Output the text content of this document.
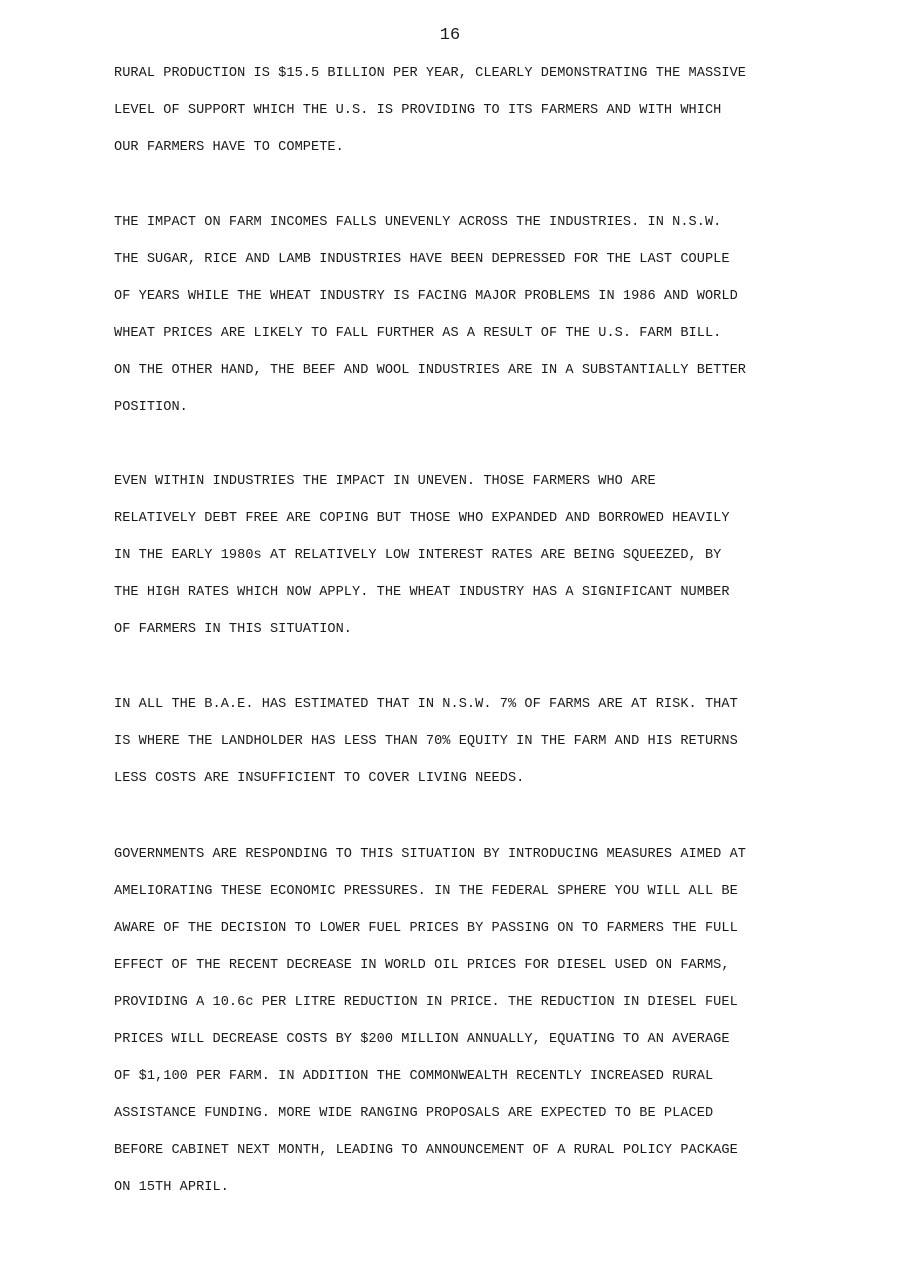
16

RURAL PRODUCTION IS $15.5 BILLION PER YEAR, CLEARLY DEMONSTRATING THE MASSIVE
LEVEL OF SUPPORT WHICH THE U.S. IS PROVIDING TO ITS FARMERS AND WITH WHICH
OUR FARMERS HAVE TO COMPETE.

THE IMPACT ON FARM INCOMES FALLS UNEVENLY ACROSS THE INDUSTRIES. IN N.S.W.
THE SUGAR, RICE AND LAMB INDUSTRIES HAVE BEEN DEPRESSED FOR THE LAST COUPLE
OF YEARS WHILE THE WHEAT INDUSTRY IS FACING MAJOR PROBLEMS IN 1986 AND WORLD
WHEAT PRICES ARE LIKELY TO FALL FURTHER AS A RESULT OF THE U.S. FARM BILL.
ON THE OTHER HAND, THE BEEF AND WOOL INDUSTRIES ARE IN A SUBSTANTIALLY BETTER
POSITION.

EVEN WITHIN INDUSTRIES THE IMPACT IN UNEVEN. THOSE FARMERS WHO ARE
RELATIVELY DEBT FREE ARE COPING BUT THOSE WHO EXPANDED AND BORROWED HEAVILY
IN THE EARLY 1980s AT RELATIVELY LOW INTEREST RATES ARE BEING SQUEEZED, BY
THE HIGH RATES WHICH NOW APPLY. THE WHEAT INDUSTRY HAS A SIGNIFICANT NUMBER
OF FARMERS IN THIS SITUATION.

IN ALL THE B.A.E. HAS ESTIMATED THAT IN N.S.W. 7% OF FARMS ARE AT RISK. THAT
IS WHERE THE LANDHOLDER HAS LESS THAN 70% EQUITY IN THE FARM AND HIS RETURNS
LESS COSTS ARE INSUFFICIENT TO COVER LIVING NEEDS.

GOVERNMENTS ARE RESPONDING TO THIS SITUATION BY INTRODUCING MEASURES AIMED AT
AMELIORATING THESE ECONOMIC PRESSURES. IN THE FEDERAL SPHERE YOU WILL ALL BE
AWARE OF THE DECISION TO LOWER FUEL PRICES BY PASSING ON TO FARMERS THE FULL
EFFECT OF THE RECENT DECREASE IN WORLD OIL PRICES FOR DIESEL USED ON FARMS,
PROVIDING A 10.6c PER LITRE REDUCTION IN PRICE. THE REDUCTION IN DIESEL FUEL
PRICES WILL DECREASE COSTS BY $200 MILLION ANNUALLY, EQUATING TO AN AVERAGE
OF $1,100 PER FARM. IN ADDITION THE COMMONWEALTH RECENTLY INCREASED RURAL
ASSISTANCE FUNDING. MORE WIDE RANGING PROPOSALS ARE EXPECTED TO BE PLACED
BEFORE CABINET NEXT MONTH, LEADING TO ANNOUNCEMENT OF A RURAL POLICY PACKAGE
ON 15TH APRIL.
